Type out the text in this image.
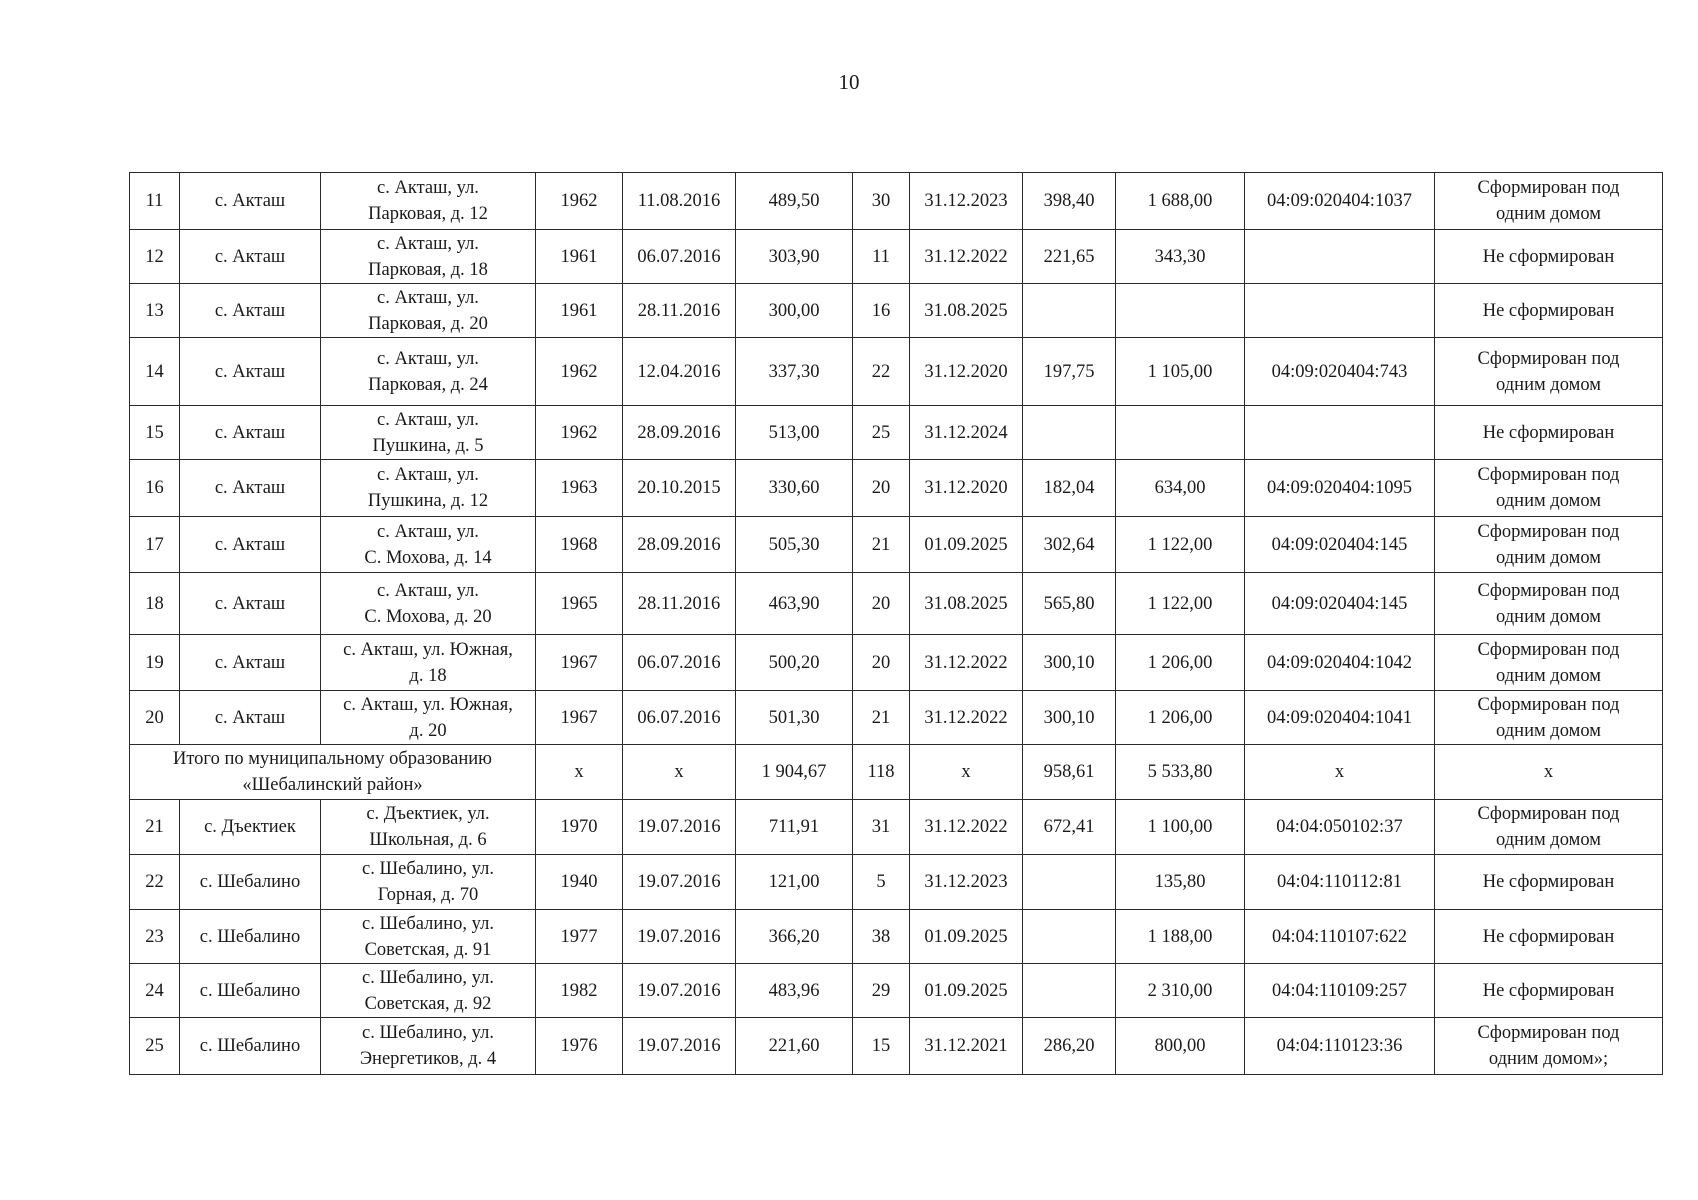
10
11	с. Акташ	с. Акташ, ул.
Парковая, д. 12	1962	11.08.2016	489,50	30	31.12.2023	398,40	1 688,00	04:09:020404:1037	Сформирован под
одним домом
12	с. Акташ	с. Акташ, ул.
Парковая, д. 18	1961	06.07.2016	303,90	11	31.12.2022	221,65	343,30		Не сформирован
13	с. Акташ	с. Акташ, ул.
Парковая, д. 20	1961	28.11.2016	300,00	16	31.08.2025				Не сформирован
14	с. Акташ	с. Акташ, ул.
Парковая, д. 24	1962	12.04.2016	337,30	22	31.12.2020	197,75	1 105,00	04:09:020404:743	Сформирован под
одним домом
15	с. Акташ	с. Акташ, ул.
Пушкина, д. 5	1962	28.09.2016	513,00	25	31.12.2024				Не сформирован
16	с. Акташ	с. Акташ, ул.
Пушкина, д. 12	1963	20.10.2015	330,60	20	31.12.2020	182,04	634,00	04:09:020404:1095	Сформирован под
одним домом
17	с. Акташ	с. Акташ, ул.
С. Мохова, д. 14	1968	28.09.2016	505,30	21	01.09.2025	302,64	1 122,00	04:09:020404:145	Сформирован под
одним домом
18	с. Акташ	с. Акташ, ул.
С. Мохова, д. 20	1965	28.11.2016	463,90	20	31.08.2025	565,80	1 122,00	04:09:020404:145	Сформирован под
одним домом
19	с. Акташ	с. Акташ, ул. Южная,
д. 18	1967	06.07.2016	500,20	20	31.12.2022	300,10	1 206,00	04:09:020404:1042	Сформирован под
одним домом
20	с. Акташ	с. Акташ, ул. Южная,
д. 20	1967	06.07.2016	501,30	21	31.12.2022	300,10	1 206,00	04:09:020404:1041	Сформирован под
одним домом
Итого по муниципальному образованию
«Шебалинский район»			х	х	1 904,67	118	х	958,61	5 533,80	х	х
21	с. Дъектиек	с. Дъектиек, ул.
Школьная, д. 6	1970	19.07.2016	711,91	31	31.12.2022	672,41	1 100,00	04:04:050102:37	Сформирован под
одним домом
22	с. Шебалино	с. Шебалино, ул.
Горная, д. 70	1940	19.07.2016	121,00	5	31.12.2023		135,80	04:04:110112:81	Не сформирован
23	с. Шебалино	с. Шебалино, ул.
Советская, д. 91	1977	19.07.2016	366,20	38	01.09.2025		1 188,00	04:04:110107:622	Не сформирован
24	с. Шебалино	с. Шебалино, ул.
Советская, д. 92	1982	19.07.2016	483,96	29	01.09.2025		2 310,00	04:04:110109:257	Не сформирован
25	с. Шебалино	с. Шебалино, ул.
Энергетиков, д. 4	1976	19.07.2016	221,60	15	31.12.2021	286,20	800,00	04:04:110123:36	Сформирован под
одним домом»;
